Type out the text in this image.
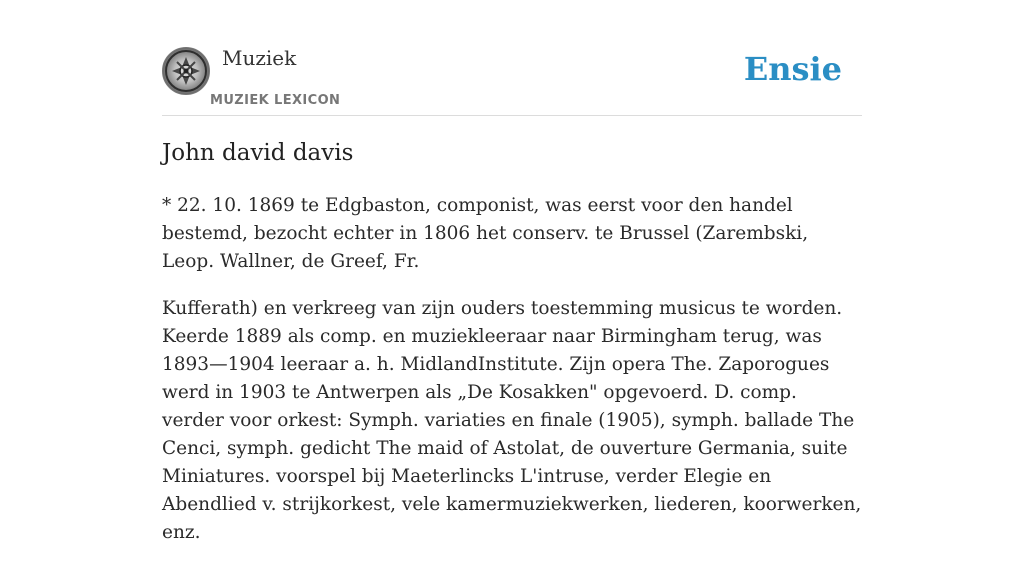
Muziek
MUZIEK LEXICON
Ensie
John david davis

* 22. 10. 1869 te Edgbaston, componist, was eerst voor den handel bestemd, bezocht echter in 1806 het conserv. te Brussel (Zarembski, Leop. Wallner, de Greef, Fr.

Kufferath) en verkreeg van zijn ouders toestemming musicus te worden. Keerde 1889 als comp. en muziekleeraar naar Birmingham terug, was 1893—1904 leeraar a. h. MidlandInstitute. Zijn opera The. Zaporogues werd in 1903 te Antwerpen als „De Kosakken" opgevoerd. D. comp. verder voor orkest: Symph. variaties en finale (1905), symph. ballade The Cenci, symph. gedicht The maid of Astolat, de ouverture Germania, suite Miniatures. voorspel bij Maeterlincks L'intruse, verder Elegie en Abendlied v. strijkorkest, vele kamermuziekwerken, liederen, koorwerken, enz.
